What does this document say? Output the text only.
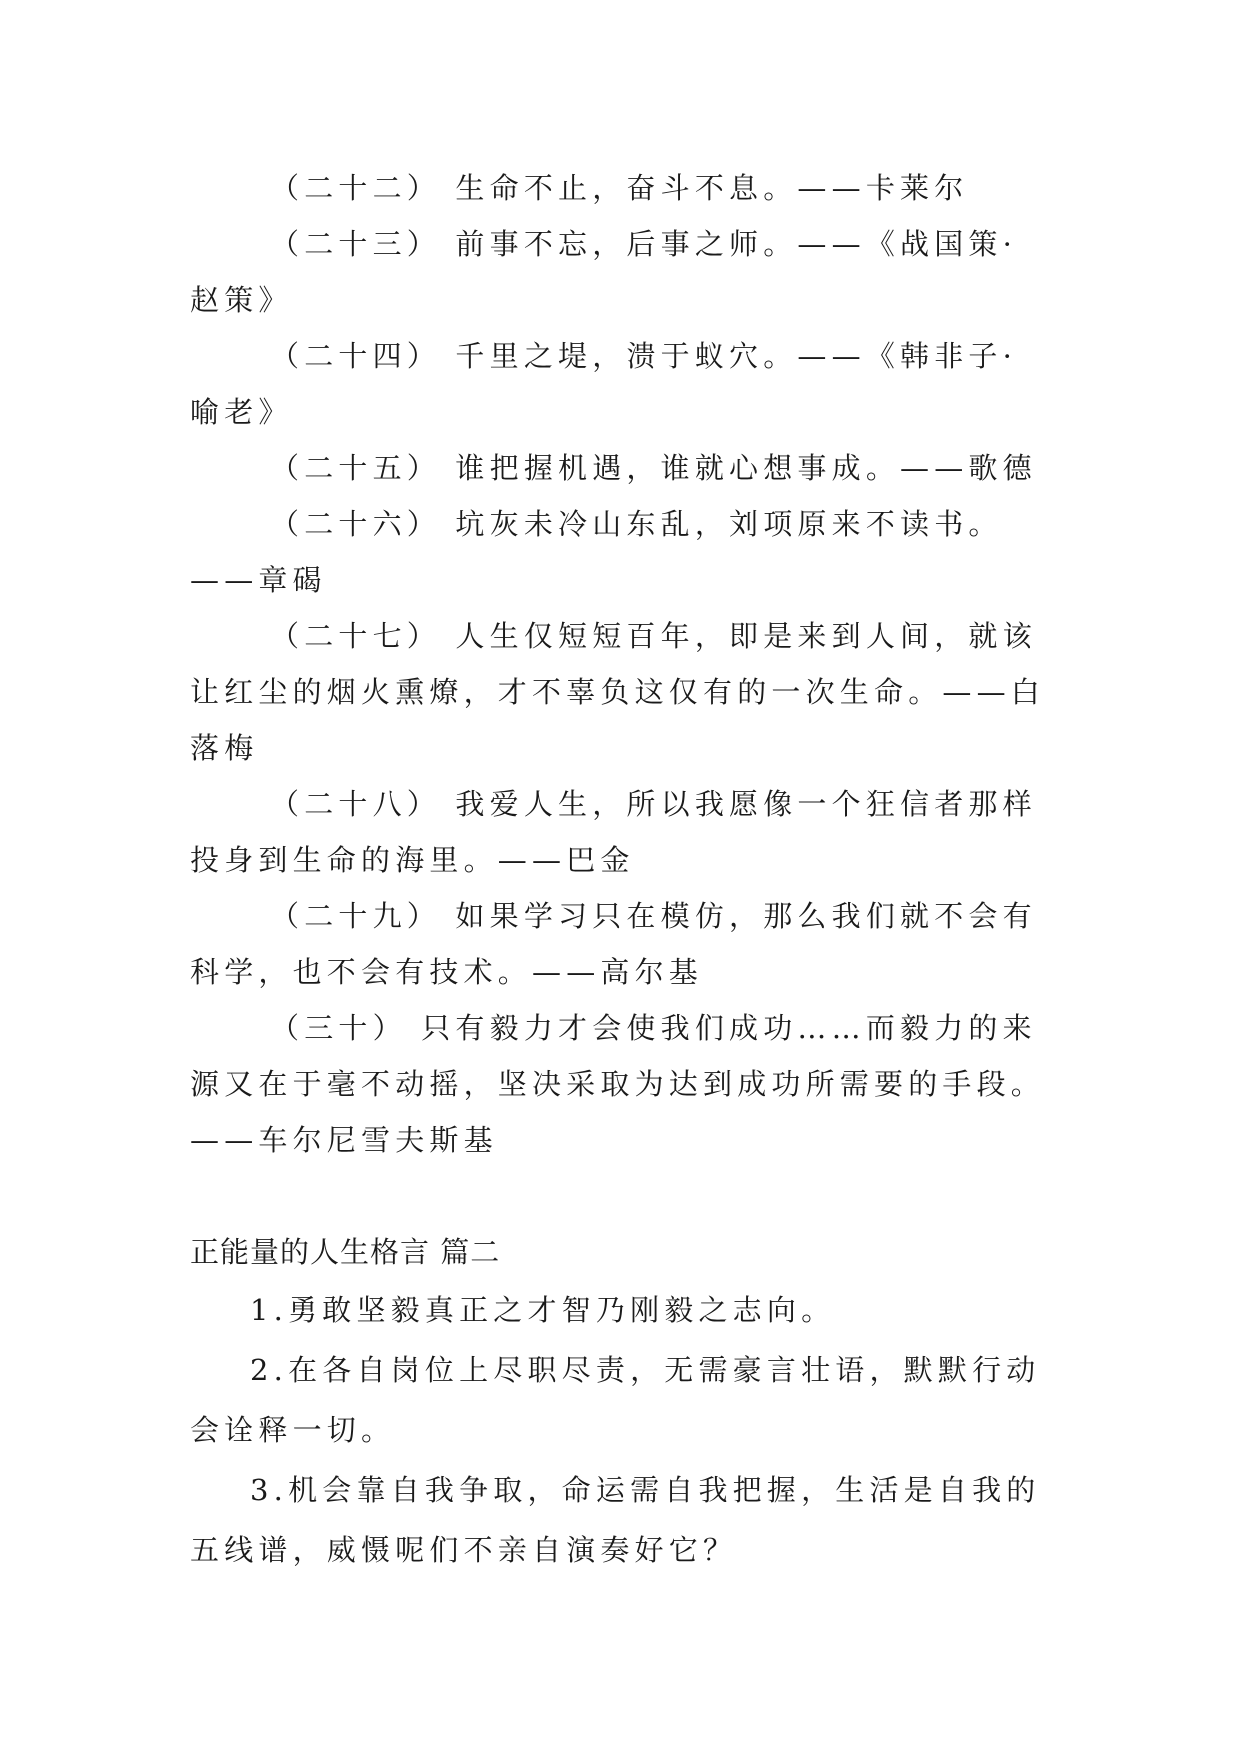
（二十二） 生命不止，奋斗不息。——卡莱尔

（二十三） 前事不忘，后事之师。——《战国策·赵策》

（二十四） 千里之堤，溃于蚁穴。——《韩非子·喻老》

（二十五） 谁把握机遇，谁就心想事成。——歌德

（二十六） 坑灰未冷山东乱，刘项原来不读书。——章碣

（二十七） 人生仅短短百年，即是来到人间，就该让红尘的烟火熏燎，才不辜负这仅有的一次生命。——白落梅

（二十八） 我爱人生，所以我愿像一个狂信者那样投身到生命的海里。——巴金

（二十九） 如果学习只在模仿，那么我们就不会有科学，也不会有技术。——高尔基

（三十） 只有毅力才会使我们成功……而毅力的来源又在于毫不动摇，坚决采取为达到成功所需要的手段。——车尔尼雪夫斯基

正能量的人生格言 篇二

1.勇敢坚毅真正之才智乃刚毅之志向。

2.在各自岗位上尽职尽责，无需豪言壮语，默默行动会诠释一切。

3.机会靠自我争取，命运需自我把握，生活是自我的五线谱，威慑呢们不亲自演奏好它？
